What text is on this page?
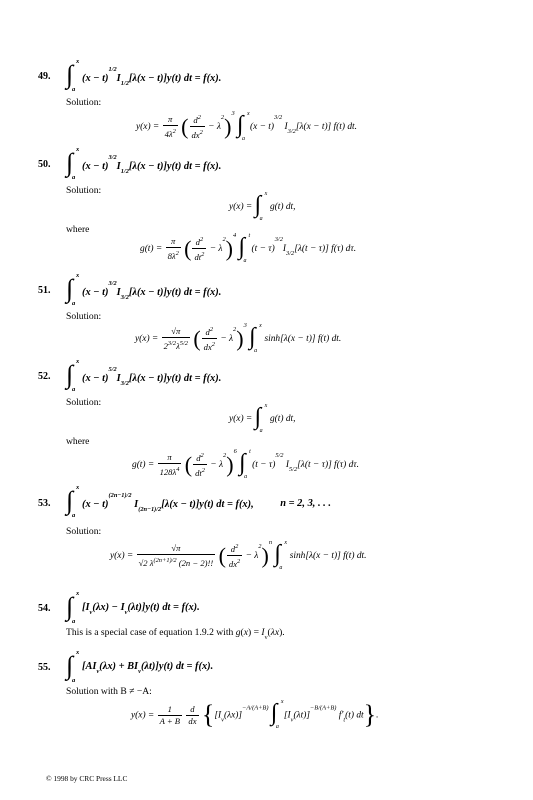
49. ∫ x
a
$(x - t)^{1/2}I_{1/2}[\lambda(x - t)]y(t)$ dt = f(x).
Solution:
$y(x) = \frac{\pi}{4\lambda^2}$ ( $\frac{d^2}{dx^2} - \lambda^2)^3$ ∫ x
a
$(x - t)^{3/2}$ $I_{3/2}[\lambda(x - t)]$ f(t) dt.
50. ∫ x
a
$(x - t)^{3/2}I_{1/2}[\lambda(x - t)]y(t)$ dt = f(x).
Solution:
y(x) = ∫ x
a
g(t) dt,
where
$g(t) = \frac{\pi}{8\lambda^2}$ ( $\frac{d^2}{dt^2} - \lambda^2)^4$ ∫ t
a
$(t - \tau)^{3/2}I_{3/2}[\lambda(t - \tau)]$ f(τ) dτ.
51. ∫ x
a
$(x - t)^{3/2}I_{3/2}[\lambda(x - t)]y(t)$ dt = f(x).
Solution:
$y(x) = \frac{√\pi}{2^{3/2}\lambda^{5/2}}$ ( $\frac{d^2}{dx^2} - \lambda^2)^3$ ∫ x
a
sinh[λ(x − t)] f(t) dt.
52. ∫ x
a
$(x - t)^{5/2}I_{3/2}[\lambda(x - t)]y(t)$ dt = f(x).
Solution:
y(x) = ∫ x
a
g(t) dt,
where
$g(t) = \frac{\pi}{128\lambda^4}$ ( $\frac{d^2}{dt^2} - \lambda^2)^6$ ∫ t
a
$(t - \tau)^{5/2}$ $I_{5/2}[\lambda(t - \tau)]$ f(τ) dτ.
53. ∫ x
a
$(x - t)^{(2n-1)/2}$ $I_{(2n-1)/2}[\lambda(x - t)]y(t)$ dt = f(x),	n = 2, 3, . . .
Solution:
$y(x) = \frac{√\pi}{√2 \lambda^{(2n+1)/2} (2n - 2)!!}$ ( $\frac{d^2}{dx^2} - \lambda^2)^n$ ∫ x
a
sinh[λ(x − t)] f(t) dt.
54. ∫ x
a
$[I_\nu(\lambda x) - I_\nu(\lambda t)]y(t)$ dt = f(x).
This is a special case of equation 1.9.2 with $g(x) = I_\nu(\lambda x)$.
55. ∫ x
a
$[AI_\nu(\lambda x) + BI_\nu(\lambda t)]y(t)$ dt = f(x).
Solution with B ≠ −A:
$y(x) = \frac{1}{A + B}$
$\frac{d}{dx} \{[I_\nu(\lambda x)]^{-A/(A+B)}$ ∫ x
a
$[I_\nu(\lambda t)]^{-B/(A+B)}$ $f'_t(t)$ dt}.
© 1998 by CRC Press LLC
